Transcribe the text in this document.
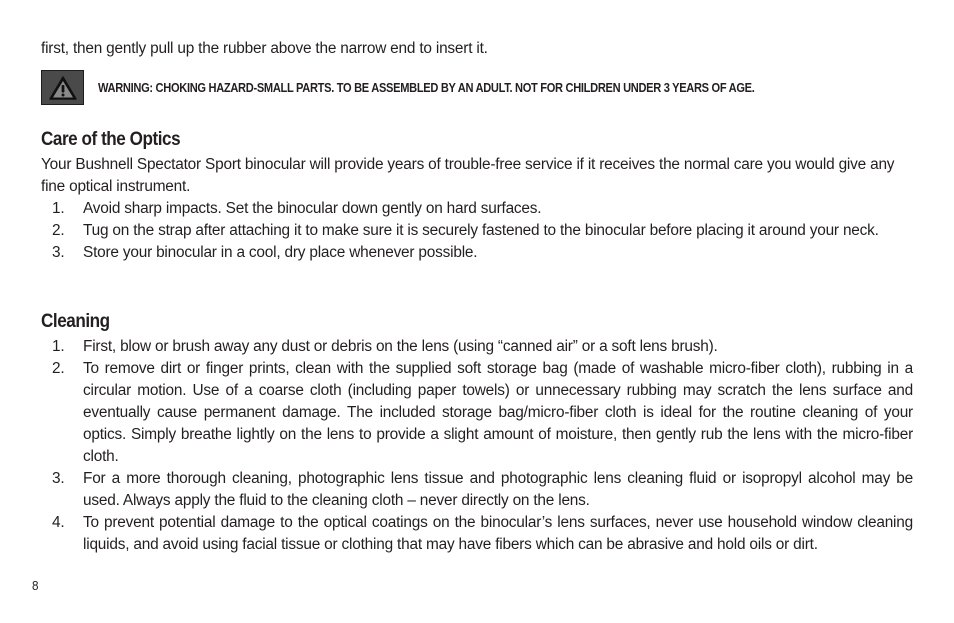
first, then gently pull up the rubber above the narrow end to insert it.
WARNING: CHOKING HAZARD-SMALL PARTS. TO BE ASSEMBLED BY AN ADULT. NOT FOR CHILDREN UNDER 3 YEARS OF AGE.
Care of the Optics

Your Bushnell Spectator Sport binocular will provide years of trouble-free service if it receives the normal care you would give any fine optical instrument.

1. Avoid sharp impacts. Set the binocular down gently on hard surfaces.
2. Tug on the strap after attaching it to make sure it is securely fastened to the binocular before placing it around your neck.
3. Store your binocular in a cool, dry place whenever possible.
Cleaning
1. First, blow or brush away any dust or debris on the lens (using “canned air” or a soft lens brush).
2. To remove dirt or finger prints, clean with the supplied soft storage bag (made of washable micro-fiber cloth), rubbing in a circular motion. Use of a coarse cloth (including paper towels) or unnecessary rubbing may scratch the lens surface and eventually cause permanent damage. The included storage bag/micro-fiber cloth is ideal for the routine cleaning of your optics. Simply breathe lightly on the lens to provide a slight amount of moisture, then gently rub the lens with the micro-fiber cloth.
3. For a more thorough cleaning, photographic lens tissue and photographic lens cleaning fluid or isopropyl alcohol may be used. Always apply the fluid to the cleaning cloth – never directly on the lens.
4. To prevent potential damage to the optical coatings on the binocular’s lens surfaces, never use household window cleaning liquids, and avoid using facial tissue or clothing that may have fibers which can be abrasive and hold oils or dirt.
8
